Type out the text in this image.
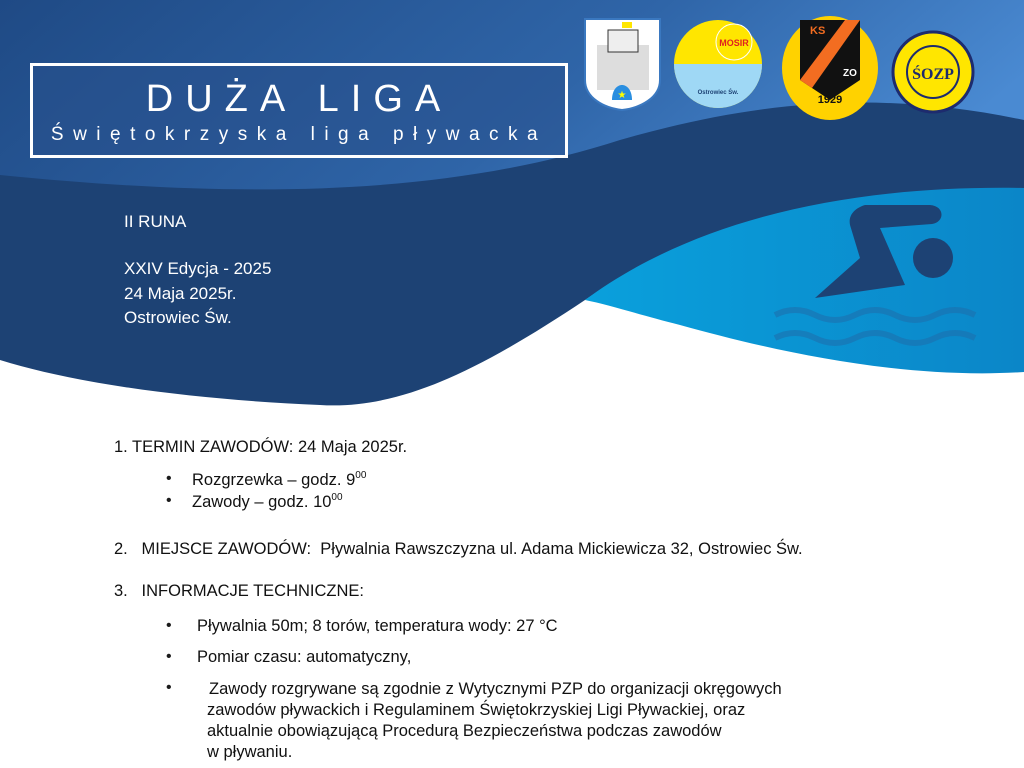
★
MOSIR
Ostrowiec Św.
KS
ZO
1929
ŚOZP
DUŻA LIGA
Świętokrzyska liga pływacka
II RUNA
XXIV Edycja - 2025
24 Maja 2025r.
Ostrowiec Św.
1. TERMIN ZAWODÓW: 24 Maja 2025r.
• Rozgrzewka – godz. $9^{00}$
• Zawody – godz. $10^{00}$
2. MIEJSCE ZAWODÓW: Pływalnia Rawszczyzna ul. Adama Mickiewicza 32, Ostrowiec Św.
3. INFORMACJE TECHNICZNE:
• Pływalnia 50m; 8 torów, temperatura wody: 27 °C
• Pomiar czasu: automatyczny,
• Zawody rozgrywane są zgodnie z Wytycznymi PZP do organizacji okręgowych
zawodów pływackich i Regulaminem Świętokrzyskiej Ligi Pływackiej, oraz
aktualnie obowiązującą Procedurą Bezpieczeństwa podczas zawodów
w pływaniu.
